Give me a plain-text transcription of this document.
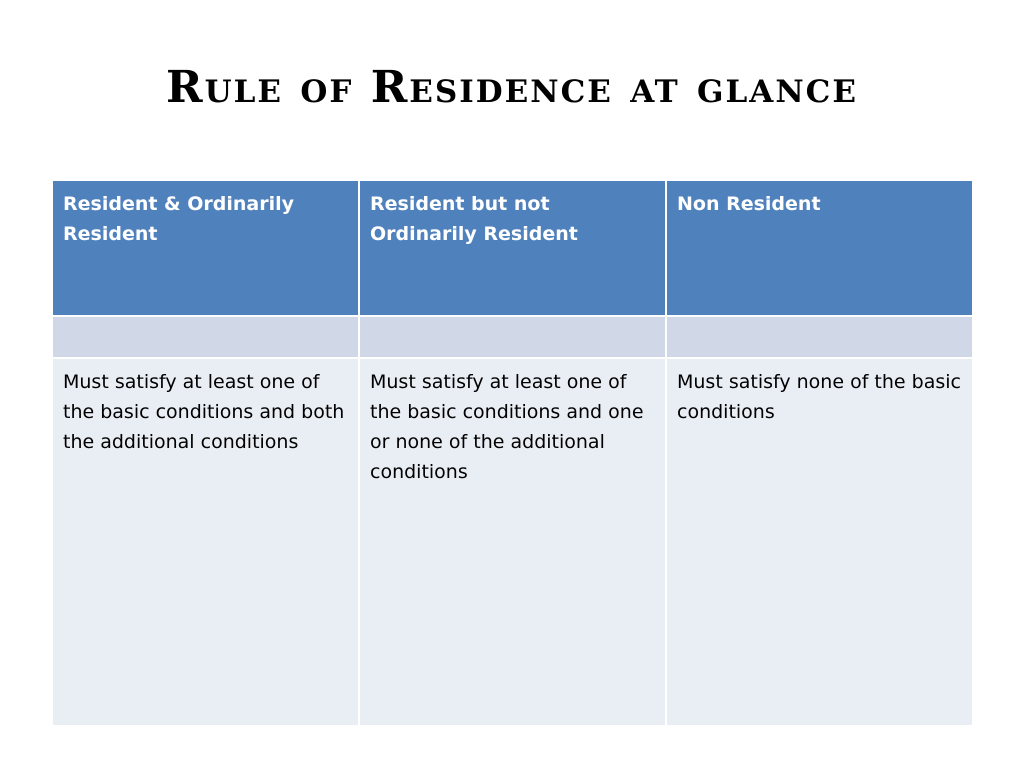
Rule of Residence at glance
Resident & Ordinarily Resident	Resident but not Ordinarily Resident	Non Resident

Must satisfy at least one of the basic conditions and both the additional conditions	Must satisfy at least one of the basic conditions and one or none of the additional conditions	Must satisfy none of the basic conditions
